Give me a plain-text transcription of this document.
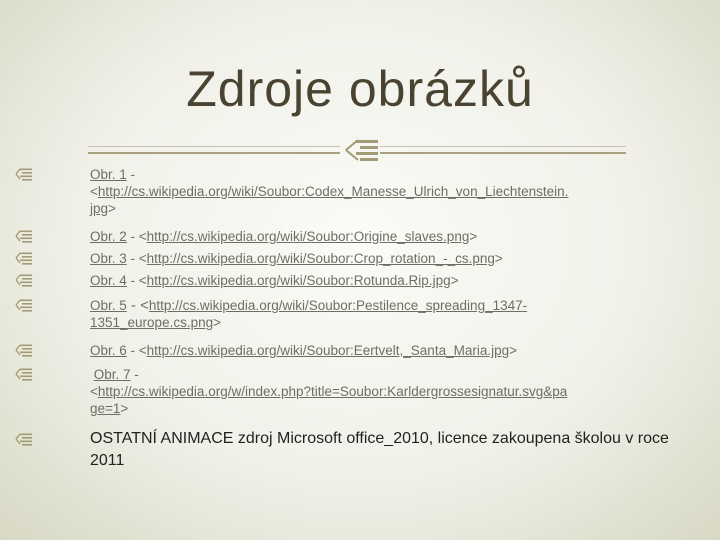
Zdroje obrázků
Obr. 1 -
<http://cs.wikipedia.org/wiki/Soubor:Codex_Manesse_Ulrich_von_Liechtenstein.
jpg>
Obr. 2 - <http://cs.wikipedia.org/wiki/Soubor:Origine_slaves.png>
Obr. 3 - <http://cs.wikipedia.org/wiki/Soubor:Crop_rotation_-_cs.png>
Obr. 4 - <http://cs.wikipedia.org/wiki/Soubor:Rotunda.Rip.jpg>
Obr. 5 - <http://cs.wikipedia.org/wiki/Soubor:Pestilence_spreading_1347-
1351_europe.cs.png>
Obr. 6 - <http://cs.wikipedia.org/wiki/Soubor:Eertvelt,_Santa_Maria.jpg>
Obr. 7 -
<http://cs.wikipedia.org/w/index.php?title=Soubor:Karldergrossesignatur.svg&pa
ge=1>
OSTATNÍ ANIMACE zdroj Microsoft office_2010, licence zakoupena školou v roce 2011
